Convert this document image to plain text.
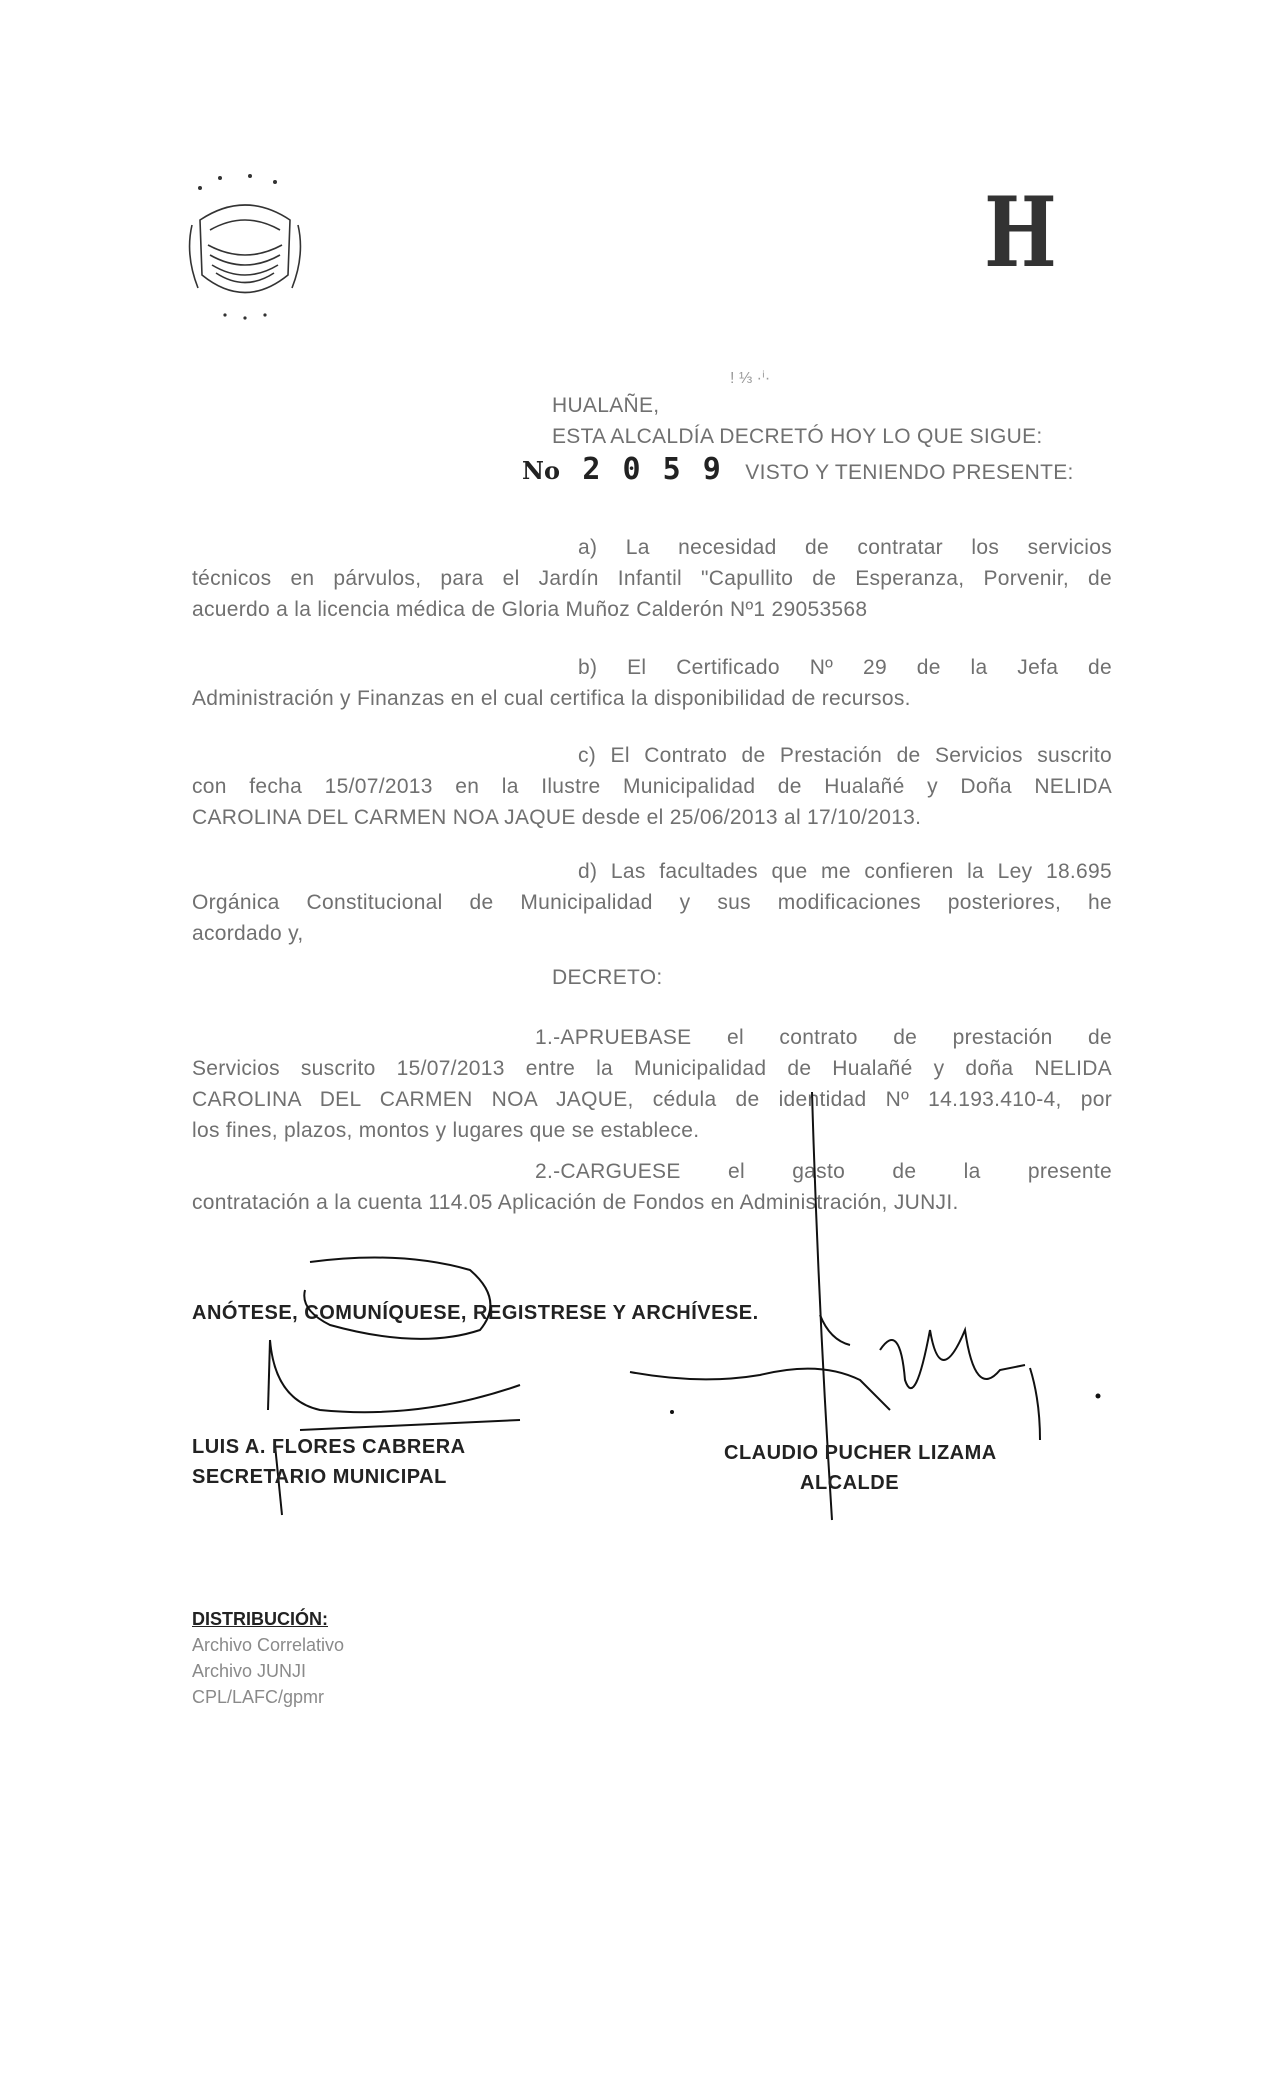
H
! ⅓ ·ⁱ·
HUALAÑE,
ESTA ALCALDÍA DECRETÓ HOY LO QUE SIGUE:
No 2 0 5 9 VISTO Y TENIENDO PRESENTE:
a) La necesidad de contratar los servicios
técnicos en párvulos, para el Jardín Infantil "Capullito de Esperanza, Porvenir, de
acuerdo a la licencia médica de Gloria Muñoz Calderón Nº1 29053568
b) El Certificado Nº 29 de la Jefa de
Administración y Finanzas en el cual certifica la disponibilidad de recursos.
c) El Contrato de Prestación de Servicios suscrito
con fecha 15/07/2013 en la Ilustre Municipalidad de Hualañé y Doña NELIDA
CAROLINA DEL CARMEN NOA JAQUE desde el 25/06/2013 al 17/10/2013.
d) Las facultades que me confieren la Ley 18.695
Orgánica Constitucional de Municipalidad y sus modificaciones posteriores, he
acordado y,
DECRETO:
1.-APRUEBASE el contrato de prestación de
Servicios suscrito 15/07/2013 entre la Municipalidad de Hualañé y doña NELIDA
CAROLINA DEL CARMEN NOA JAQUE, cédula de identidad Nº 14.193.410-4, por
los fines, plazos, montos y lugares que se establece.
2.-CARGUESE el gasto de la presente
contratación a la cuenta 114.05 Aplicación de Fondos en Administración, JUNJI.
ANÓTESE, COMUNÍQUESE, REGISTRESE Y ARCHÍVESE.
LUIS A. FLORES CABRERA
SECRETARIO MUNICIPAL
CLAUDIO PUCHER LIZAMA
ALCALDE
DISTRIBUCIÓN:
Archivo Correlativo
Archivo JUNJI
CPL/LAFC/gpmr
